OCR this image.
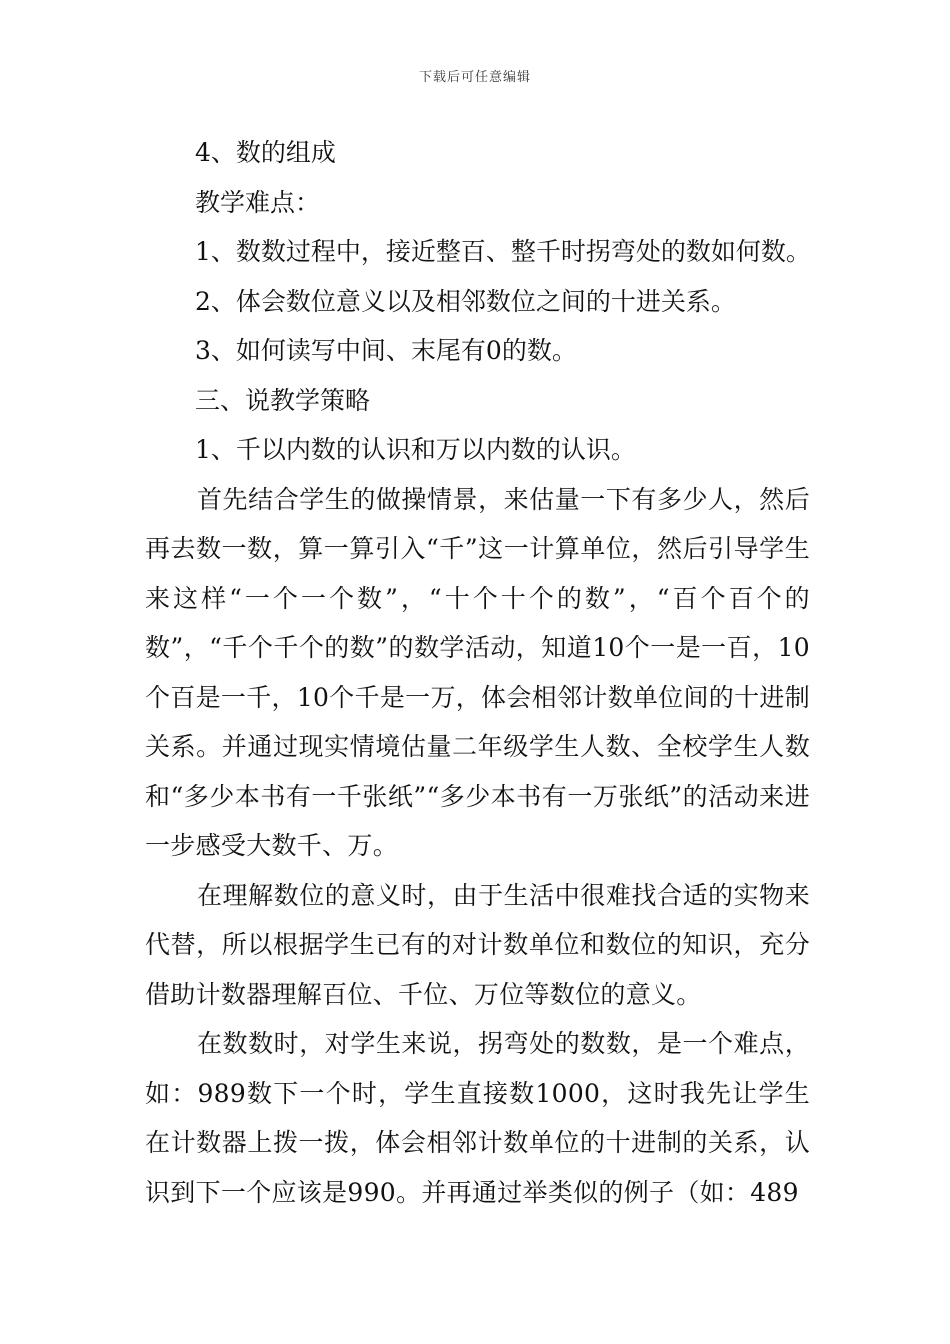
下载后可任意编辑
4、数的组成
教学难点：
1、数数过程中，接近整百、整千时拐弯处的数如何数。
2、体会数位意义以及相邻数位之间的十进关系。
3、如何读写中间、末尾有0的数。
三、说教学策略
1、千以内数的认识和万以内数的认识。

首先结合学生的做操情景，来估量一下有多少人，然后再去数一数，算一算引入“千”这一计算单位，然后引导学生来这样“一个一个数”，“十个十个的数”，“百个百个的数”，“千个千个的数”的数学活动，知道10个一是一百，10个百是一千，10个千是一万，体会相邻计数单位间的十进制关系。并通过现实情境估量二年级学生人数、全校学生人数和“多少本书有一千张纸”“多少本书有一万张纸”的活动来进一步感受大数千、万。

在理解数位的意义时，由于生活中很难找合适的实物来代替，所以根据学生已有的对计数单位和数位的知识，充分借助计数器理解百位、千位、万位等数位的意义。

在数数时，对学生来说，拐弯处的数数，是一个难点，如：989数下一个时，学生直接数1000，这时我先让学生在计数器上拨一拨，体会相邻计数单位的十进制的关系，认识到下一个应该是990。并再通过举类似的例子（如：489
